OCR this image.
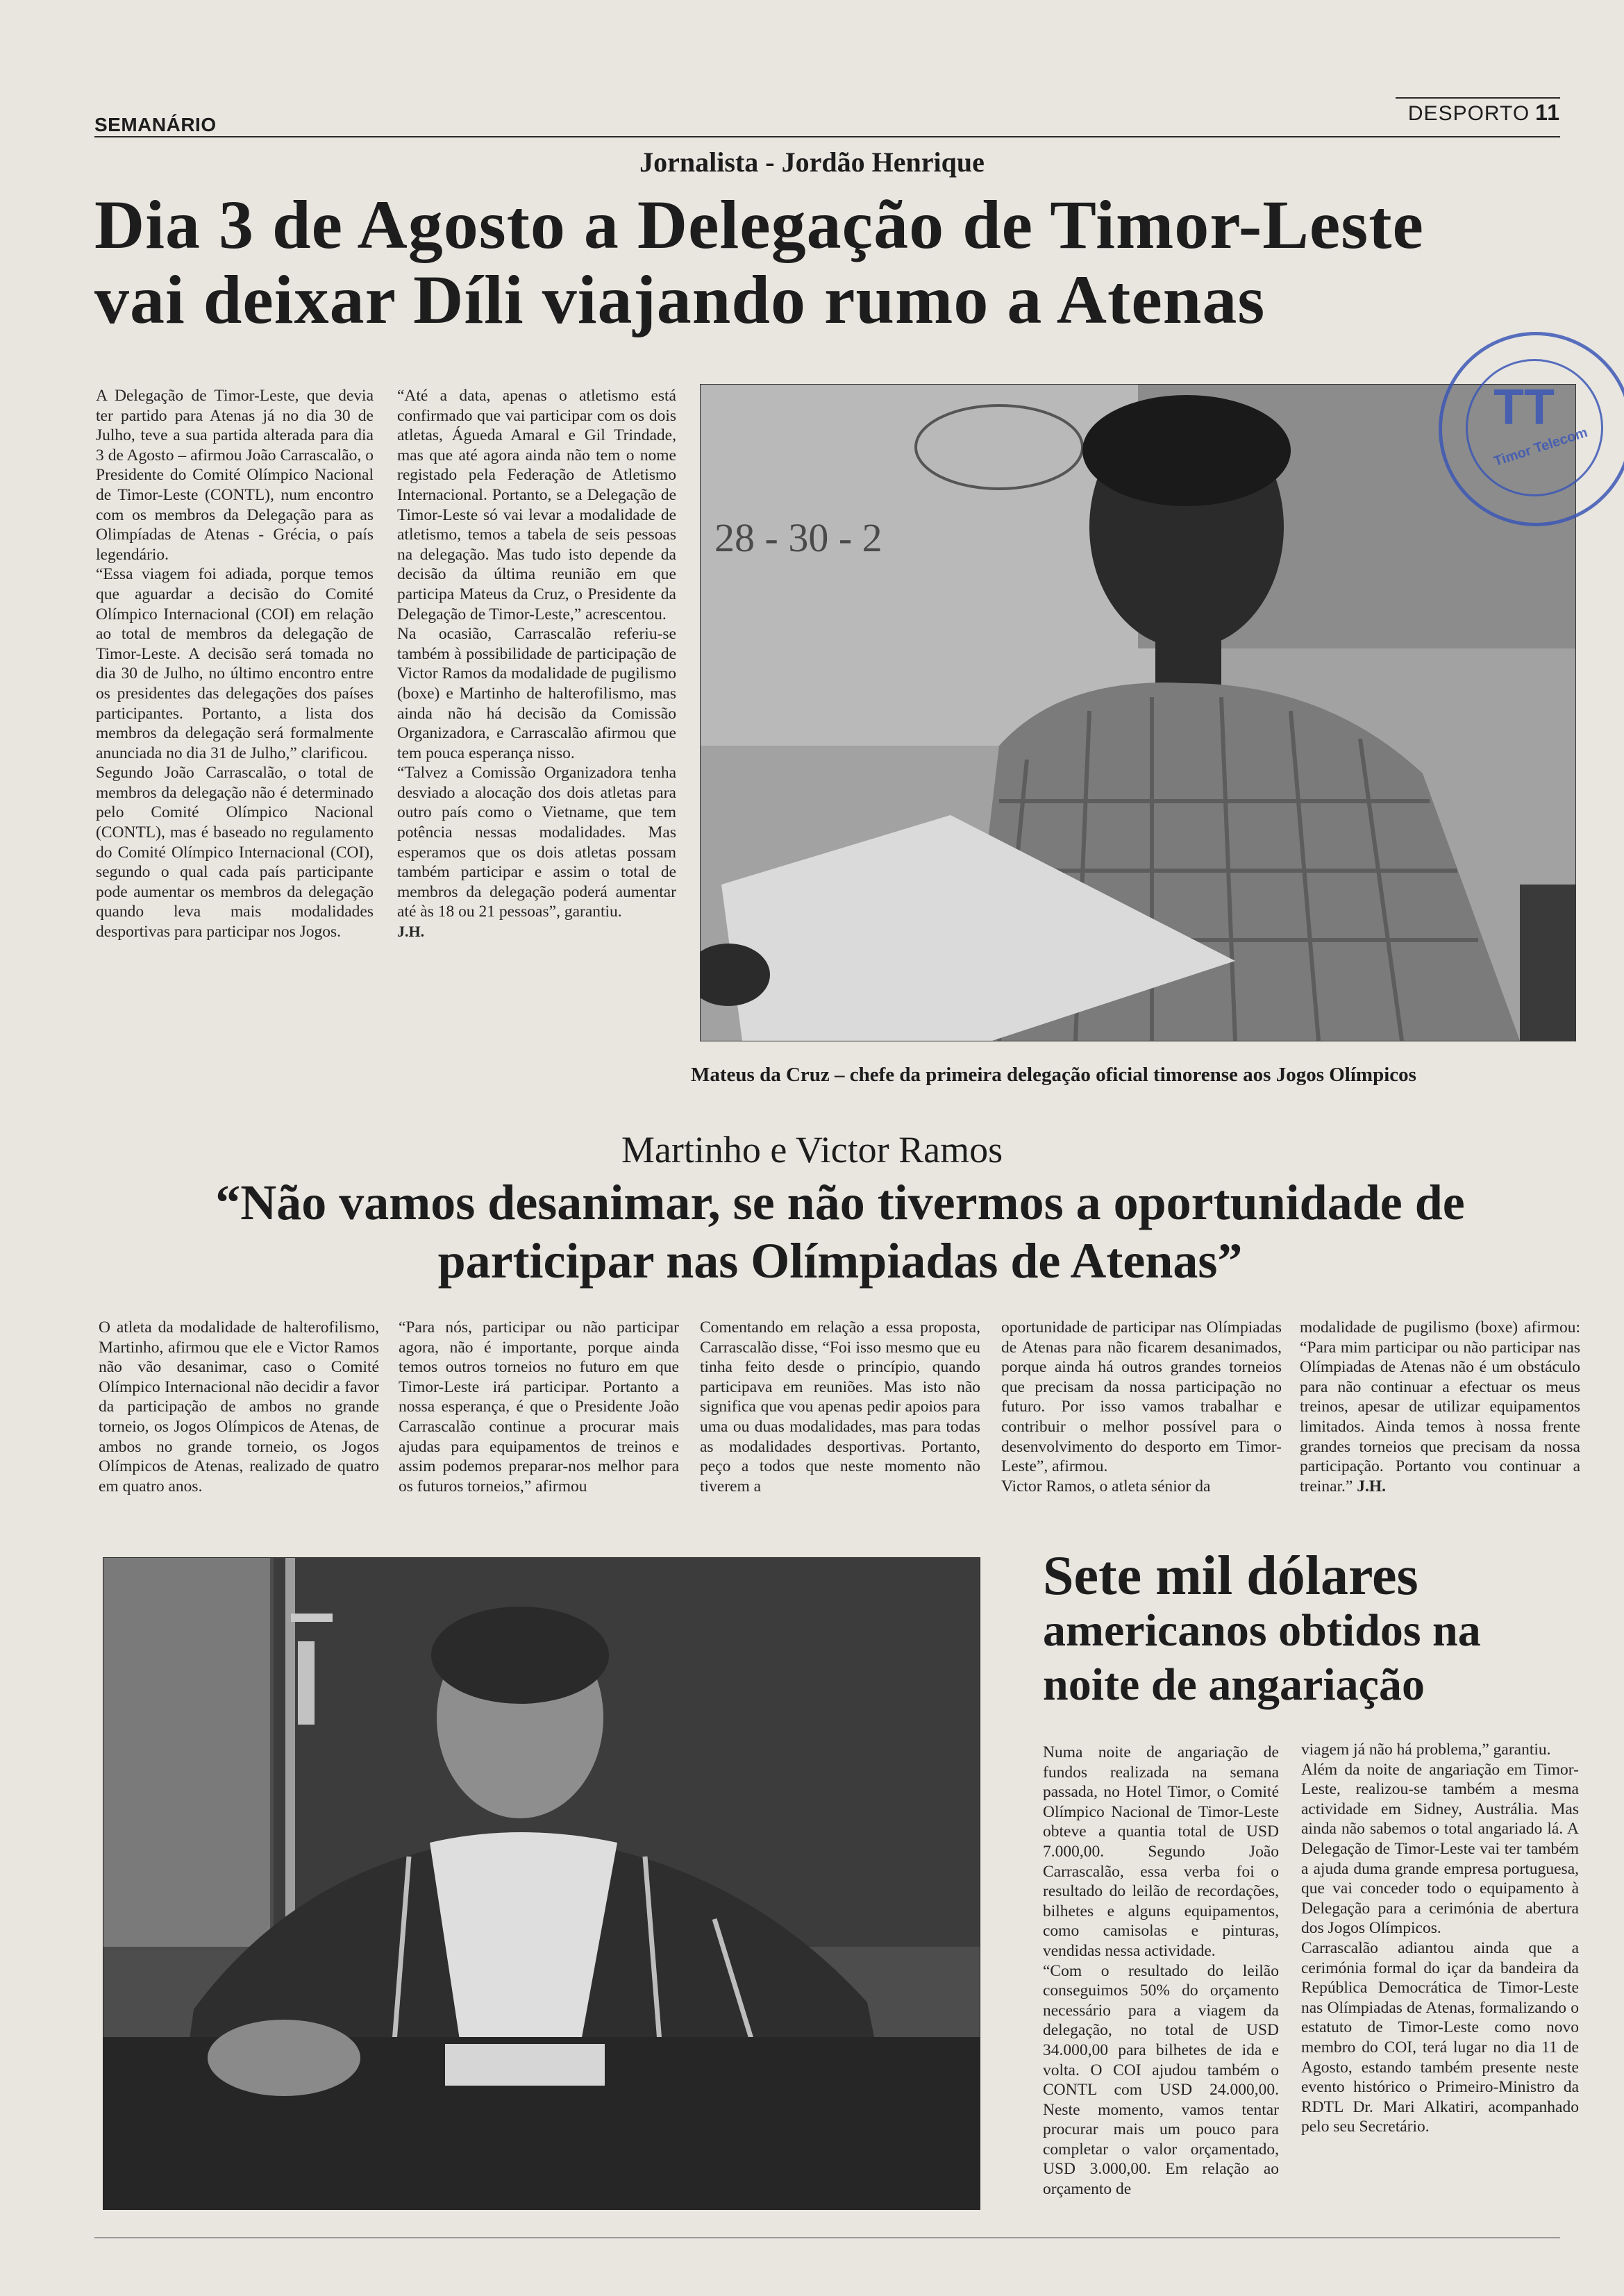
SEMANÁRIO	DESPORTO 11
Jornalista - Jordão Henrique
Dia 3 de Agosto a Delegação de Timor-Leste
vai deixar Díli viajando rumo a Atenas

A Delegação de Timor-Leste, que devia ter partido para Atenas já no dia 30 de Julho, teve a sua partida alterada para dia 3 de Agosto – afirmou João Carrascalão, o Presidente do Comité Olímpico Nacional de Timor-Leste (CONTL), num encontro com os membros da Delegação para as Olimpíadas de Atenas - Grécia, o país legendário.

“Essa viagem foi adiada, porque temos que aguardar a decisão do Comité Olímpico Internacional (COI) em relação ao total de membros da delegação de Timor-Leste. A decisão será tomada no dia 30 de Julho, no último encontro entre os presidentes das delegações dos países participantes. Portanto, a lista dos membros da delegação será formalmente anunciada no dia 31 de Julho,” clarificou.

Segundo João Carrascalão, o total de membros da delegação não é determinado pelo Comité Olímpico Nacional (CONTL), mas é baseado no regulamento do Comité Olímpico Internacional (COI), segundo o qual cada país participante pode aumentar os membros da delegação quando leva mais modalidades desportivas para participar nos Jogos.

“Até a data, apenas o atletismo está confirmado que vai participar com os dois atletas, Águeda Amaral e Gil Trindade, mas que até agora ainda não tem o nome registado pela Federação de Atletismo Internacional. Portanto, se a Delegação de Timor-Leste só vai levar a modalidade de atletismo, temos a tabela de seis pessoas na delegação. Mas tudo isto depende da decisão da última reunião em que participa Mateus da Cruz, o Presidente da Delegação de Timor-Leste,” acrescentou.

Na ocasião, Carrascalão referiu-se também à possibilidade de participação de Victor Ramos da modalidade de pugilismo (boxe) e Martinho de halterofilismo, mas ainda não há decisão da Comissão Organizadora, e Carrascalão afirmou que tem pouca esperança nisso.

“Talvez a Comissão Organizadora tenha desviado a alocação dos dois atletas para outro país como o Vietname, que tem potência nessas modalidades. Mas esperamos que os dois atletas possam também participar e assim o total de membros da delegação poderá aumentar até às 18 ou 21 pessoas”, garantiu.

J.H.

28 - 30 - 2
Mateus da Cruz – chefe da primeira delegação oficial timorense aos Jogos Olímpicos
TT
Timor Telecom
Martinho e Victor Ramos
“Não vamos desanimar, se não tivermos a oportunidade de
participar nas Olímpiadas de Atenas”

O atleta da modalidade de halterofilismo, Martinho, afirmou que ele e Victor Ramos não vão desanimar, caso o Comité Olímpico Internacional não decidir a favor da participação de ambos no grande torneio, os Jogos Olímpicos de Atenas, de ambos no grande torneio, os Jogos Olímpicos de Atenas, realizado de quatro em quatro anos.

“Para nós, participar ou não participar agora, não é importante, porque ainda temos outros torneios no futuro em que Timor-Leste irá participar. Portanto a nossa esperança, é que o Presidente João Carrascalão continue a procurar mais ajudas para equipamentos de treinos e assim podemos preparar-nos melhor para os futuros torneios,” afirmou

Comentando em relação a essa proposta, Carrascalão disse, “Foi isso mesmo que eu tinha feito desde o princípio, quando participava em reuniões. Mas isto não significa que vou apenas pedir apoios para uma ou duas modalidades, mas para todas as modalidades desportivas. Portanto, peço a todos que neste momento não tiverem a

oportunidade de participar nas Olímpiadas de Atenas para não ficarem desanimados, porque ainda há outros grandes torneios que precisam da nossa participação no futuro. Por isso vamos trabalhar e contribuir o melhor possível para o desenvolvimento do desporto em Timor-Leste”, afirmou.

Victor Ramos, o atleta sénior da

modalidade de pugilismo (boxe) afirmou: “Para mim participar ou não participar nas Olímpiadas de Atenas não é um obstáculo para não continuar a efectuar os meus treinos, apesar de utilizar equipamentos limitados. Ainda temos à nossa frente grandes torneios que precisam da nossa participação. Portanto vou continuar a treinar.” J.H.

Sete mil dólares
americanos obtidos na
noite de angariação

Numa noite de angariação de fundos realizada na semana passada, no Hotel Timor, o Comité Olímpico Nacional de Timor-Leste obteve a quantia total de USD 7.000,00. Segundo João Carrascalão, essa verba foi o resultado do leilão de recordações, bilhetes e alguns equipamentos, como camisolas e pinturas, vendidas nessa actividade.

“Com o resultado do leilão conseguimos 50% do orçamento necessário para a viagem da delegação, no total de USD 34.000,00 para bilhetes de ida e volta. O COI ajudou também o CONTL com USD 24.000,00. Neste momento, vamos tentar procurar mais um pouco para completar o valor orçamentado, USD 3.000,00. Em relação ao orçamento de

viagem já não há problema,” garantiu.

Além da noite de angariação em Timor-Leste, realizou-se também a mesma actividade em Sidney, Austrália. Mas ainda não sabemos o total angariado lá. A Delegação de Timor-Leste vai ter também a ajuda duma grande empresa portuguesa, que vai conceder todo o equipamento à Delegação para a cerimónia de abertura dos Jogos Olímpicos.

Carrascalão adiantou ainda que a cerimónia formal do içar da bandeira da República Democrática de Timor-Leste nas Olímpiadas de Atenas, formalizando o estatuto de Timor-Leste como novo membro do COI, terá lugar no dia 11 de Agosto, estando também presente neste evento histórico o Primeiro-Ministro da RDTL Dr. Mari Alkatiri, acompanhado pelo seu Secretário.
